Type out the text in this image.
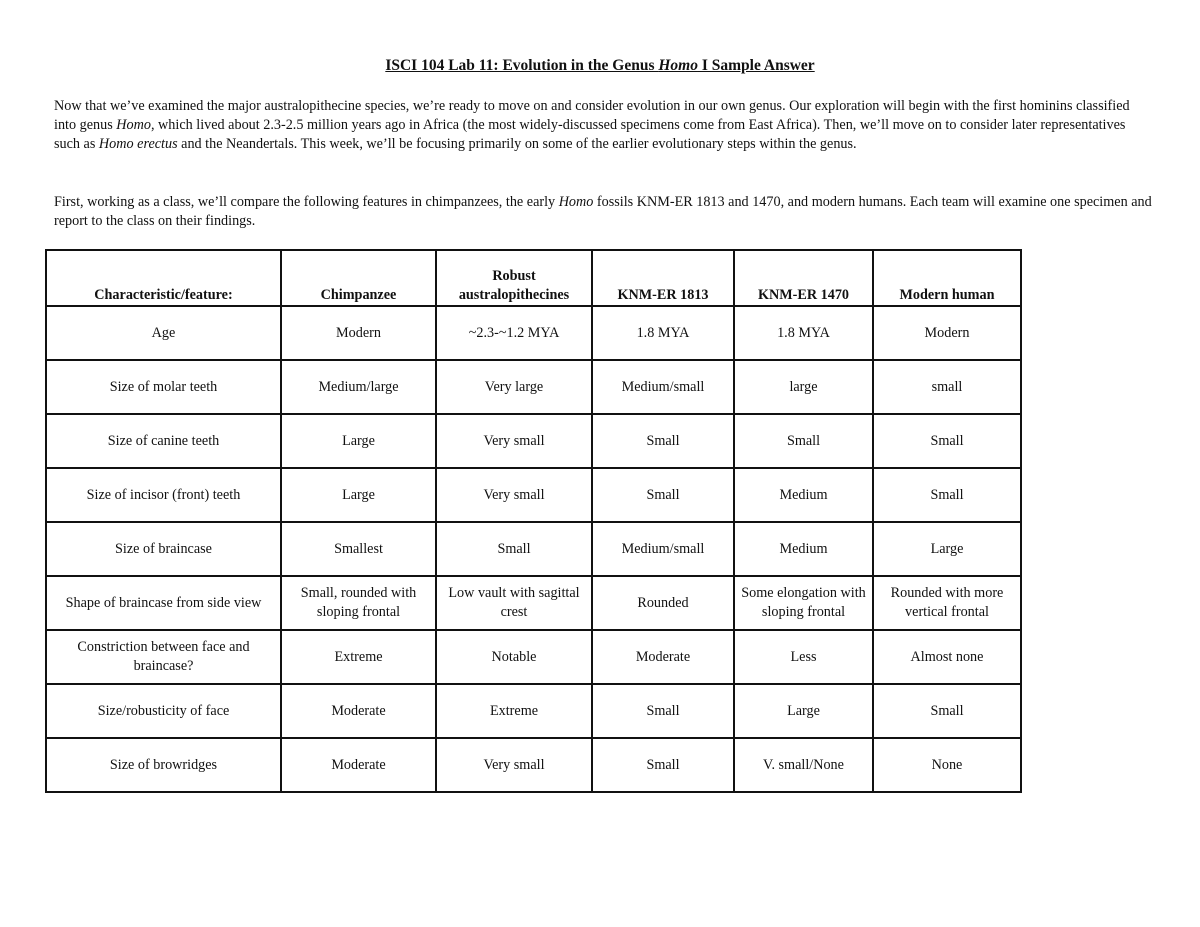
ISCI 104 Lab 11: Evolution in the Genus Homo I Sample Answer
Now that we’ve examined the major australopithecine species, we’re ready to move on and consider evolution in our own genus. Our exploration will begin with the first hominins classified into genus Homo, which lived about 2.3-2.5 million years ago in Africa (the most widely-discussed specimens come from East Africa). Then, we’ll move on to consider later representatives such as Homo erectus and the Neandertals. This week, we’ll be focusing primarily on some of the earlier evolutionary steps within the genus.
First, working as a class, we’ll compare the following features in chimpanzees, the early Homo fossils KNM-ER 1813 and 1470, and modern humans. Each team will examine one specimen and report to the class on their findings.
Characteristic/feature:	Chimpanzee	Robust australopithecines	KNM-ER 1813	KNM-ER 1470	Modern human
Age	Modern	~2.3-~1.2 MYA	1.8 MYA	1.8 MYA	Modern
Size of molar teeth	Medium/large	Very large	Medium/small	large	small
Size of canine teeth	Large	Very small	Small	Small	Small
Size of incisor (front) teeth	Large	Very small	Small	Medium	Small
Size of braincase	Smallest	Small	Medium/small	Medium	Large
Shape of braincase from side view	Small, rounded with sloping frontal	Low vault with sagittal crest	Rounded	Some elongation with sloping frontal	Rounded with more vertical frontal
Constriction between face and braincase?	Extreme	Notable	Moderate	Less	Almost none
Size/robusticity of face	Moderate	Extreme	Small	Large	Small
Size of browridges	Moderate	Very small	Small	V. small/None	None
